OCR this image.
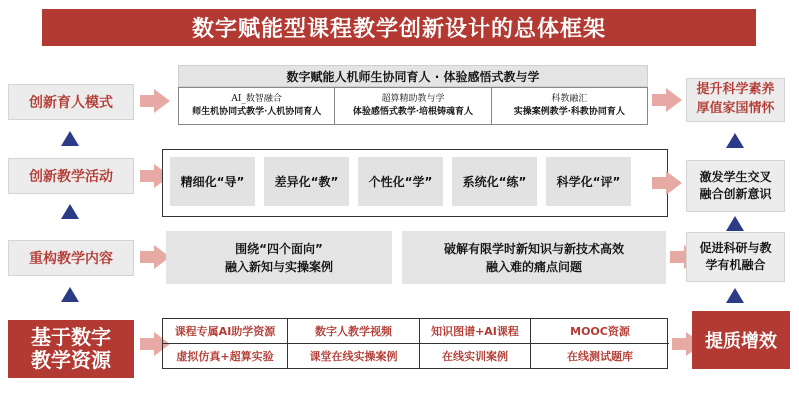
数字赋能型课程教学创新设计的总体框架
创新育人模式
创新教学活动
重构教学内容
基于数字
教学资源
数字赋能人机师生协同育人 · 体验感悟式教与学
AI_数智融合
师生机协同式教学·人机协同育人
超算精助教与学
体验感悟式教学·培根铸魂育人
科教融汇
实操案例教学·科教协同育人
精细化“导”	差异化“教”	个性化“学”	系统化“练”	科学化“评”
围绕“四个面向”
融入新知与实操案例
破解有限学时新知识与新技术高效
融入难的痛点问题
课程专属AI助学资源	数字人教学视频	知识图谱+AI课程	MOOC资源
虚拟仿真+超算实验	课堂在线实操案例	在线实训案例	在线测试题库
提升科学素养
厚值家国情怀
激发学生交叉
融合创新意识
促进科研与教
学有机融合
提质增效
